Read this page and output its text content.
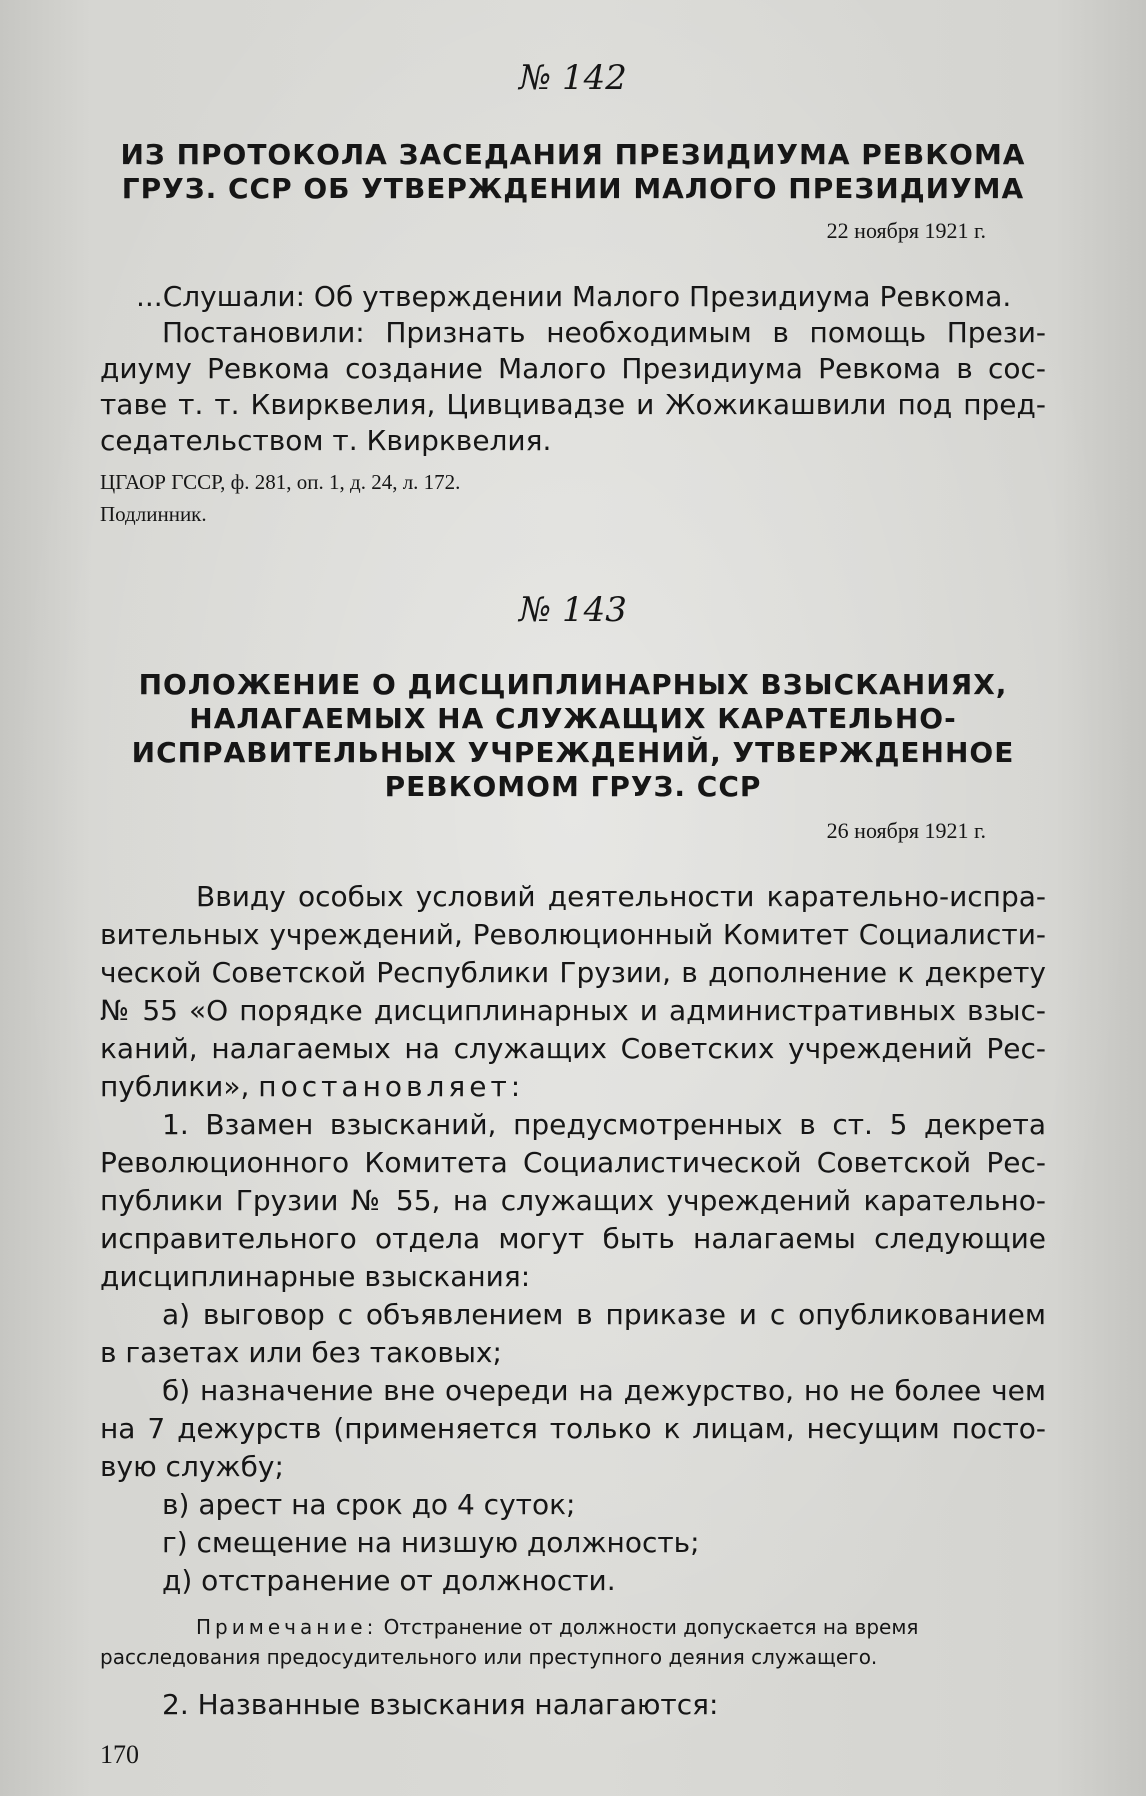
№ 142
ИЗ ПРОТОКОЛА ЗАСЕДАНИЯ ПРЕЗИДИУМА РЕВКОМА
ГРУЗ. ССР ОБ УТВЕРЖДЕНИИ МАЛОГО ПРЕЗИДИУМА
22 ноября 1921 г.
...Слушали: Об утверждении Малого Президиума Ревкома.
Постановили: Признать необходимым в помощь Прези-
диуму Ревкома создание Малого Президиума Ревкома в сос-
таве т. т. Квирквелия, Цивцивадзе и Жожикашвили под пред-
седательством т. Квирквелия.
ЦГАОР ГССР, ф. 281, оп. 1, д. 24, л. 172.
Подлинник.
№ 143
ПОЛОЖЕНИЕ О ДИСЦИПЛИНАРНЫХ ВЗЫСКАНИЯХ,
НАЛАГАЕМЫХ НА СЛУЖАЩИХ КАРАТЕЛЬНО-
ИСПРАВИТЕЛЬНЫХ УЧРЕЖДЕНИЙ, УТВЕРЖДЕННОЕ
РЕВКОМОМ ГРУЗ. ССР
26 ноября 1921 г.
Ввиду особых условий деятельности карательно-испра-
вительных учреждений, Революционный Комитет Социалисти-
ческой Советской Республики Грузии, в дополнение к декрету
№ 55 «О порядке дисциплинарных и административных взыс-
каний, налагаемых на служащих Советских учреждений Рес-
публики», постановляет:
1. Взамен взысканий, предусмотренных в ст. 5 декрета
Революционного Комитета Социалистической Советской Рес-
публики Грузии № 55, на служащих учреждений карательно-
исправительного отдела могут быть налагаемы следующие
дисциплинарные взыскания:
а) выговор с объявлением в приказе и с опубликованием
в газетах или без таковых;
б) назначение вне очереди на дежурство, но не более чем
на 7 дежурств (применяется только к лицам, несущим посто-
вую службу;
в) арест на срок до 4 суток;
г) смещение на низшую должность;
д) отстранение от должности.
Примечание: Отстранение от должности допускается на время
расследования предосудительного или преступного деяния служащего.
2. Названные взыскания налагаются:
170
